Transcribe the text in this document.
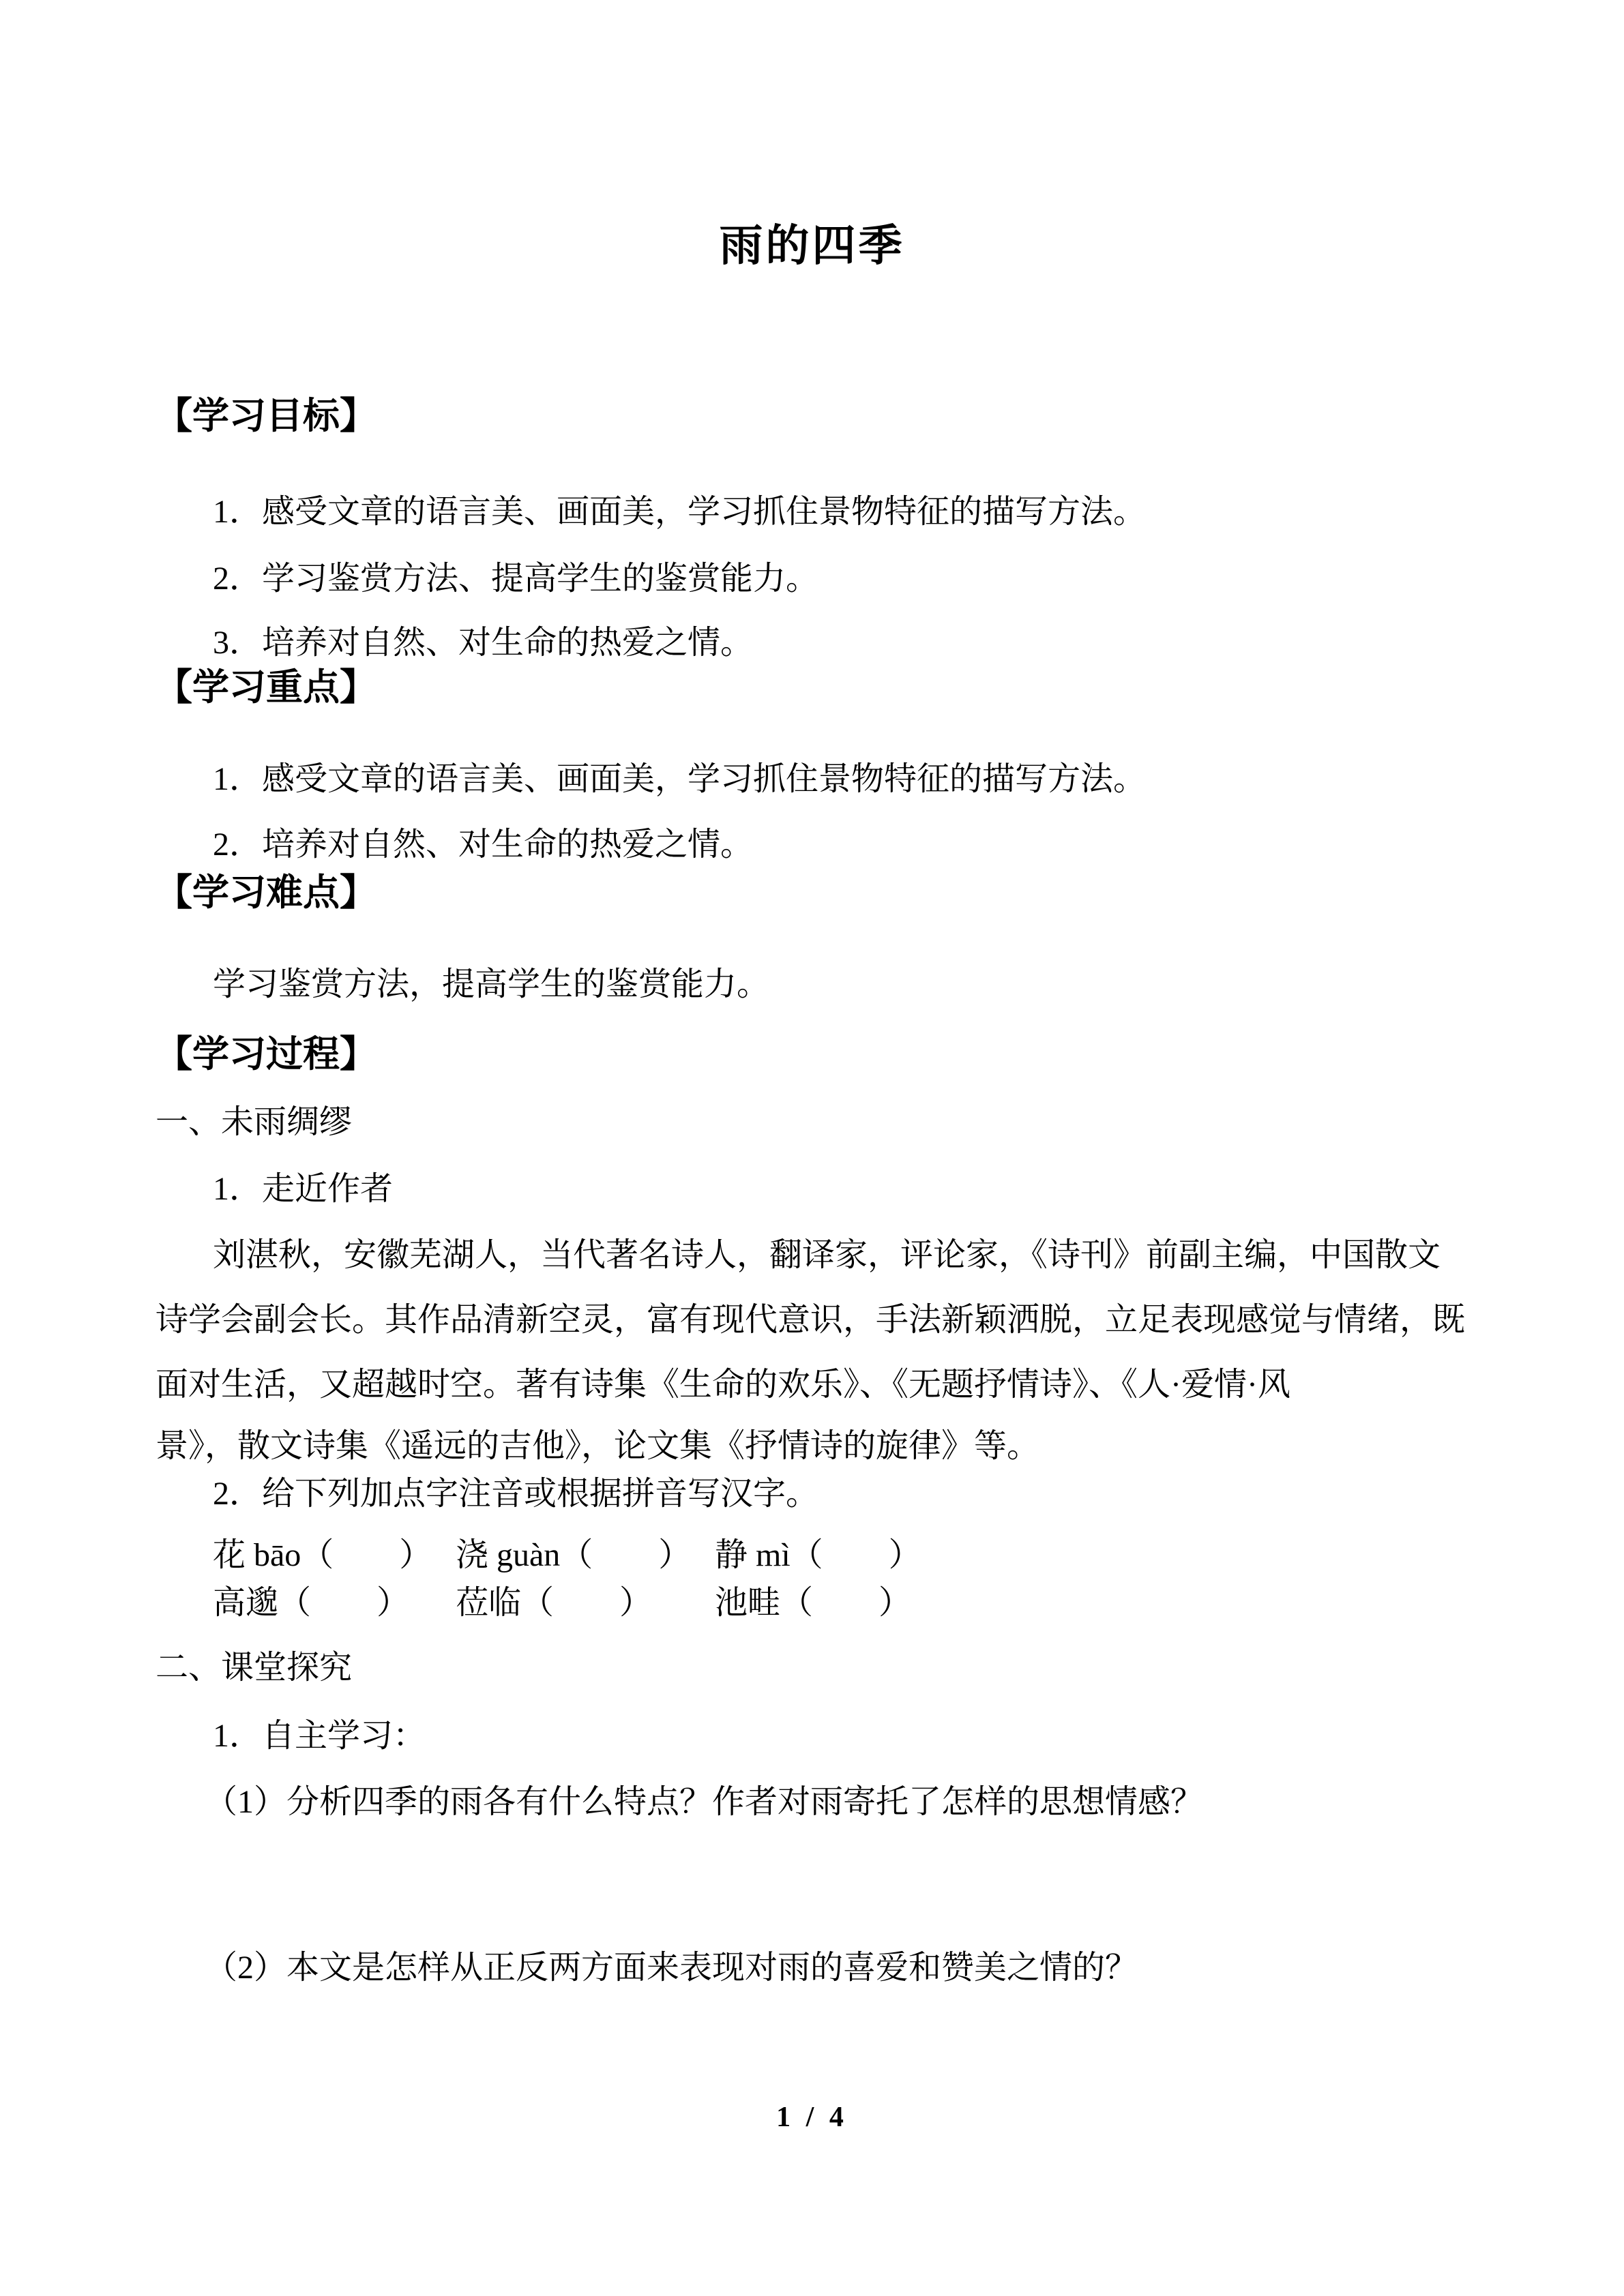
雨的四季
【学习目标】
1．感受文章的语言美、画面美，学习抓住景物特征的描写方法。
2．学习鉴赏方法、提高学生的鉴赏能力。
3．培养对自然、对生命的热爱之情。
【学习重点】
1．感受文章的语言美、画面美，学习抓住景物特征的描写方法。
2．培养对自然、对生命的热爱之情。
【学习难点】
学习鉴赏方法，提高学生的鉴赏能力。
【学习过程】
一、未雨绸缪
1．走近作者
刘湛秋，安徽芜湖人，当代著名诗人，翻译家，评论家，《诗刊》前副主编，中国散文
诗学会副会长。其作品清新空灵，富有现代意识，手法新颖洒脱，立足表现感觉与情绪，既
面对生活，又超越时空。著有诗集《生命的欢乐》、《无题抒情诗》、《人·爱情·风
景》，散文诗集《遥远的吉他》，论文集《抒情诗的旋律》等。
2．给下列加点字注音或根据拼音写汉字。
花 bāo（　　） 浇 guàn（　　） 静 mì（　　）
高邈（　　）	莅临（　　）	池畦（　　）
二、课堂探究
1．自主学习：
（1）分析四季的雨各有什么特点？作者对雨寄托了怎样的思想情感？
（2）本文是怎样从正反两方面来表现对雨的喜爱和赞美之情的？
1 / 4
